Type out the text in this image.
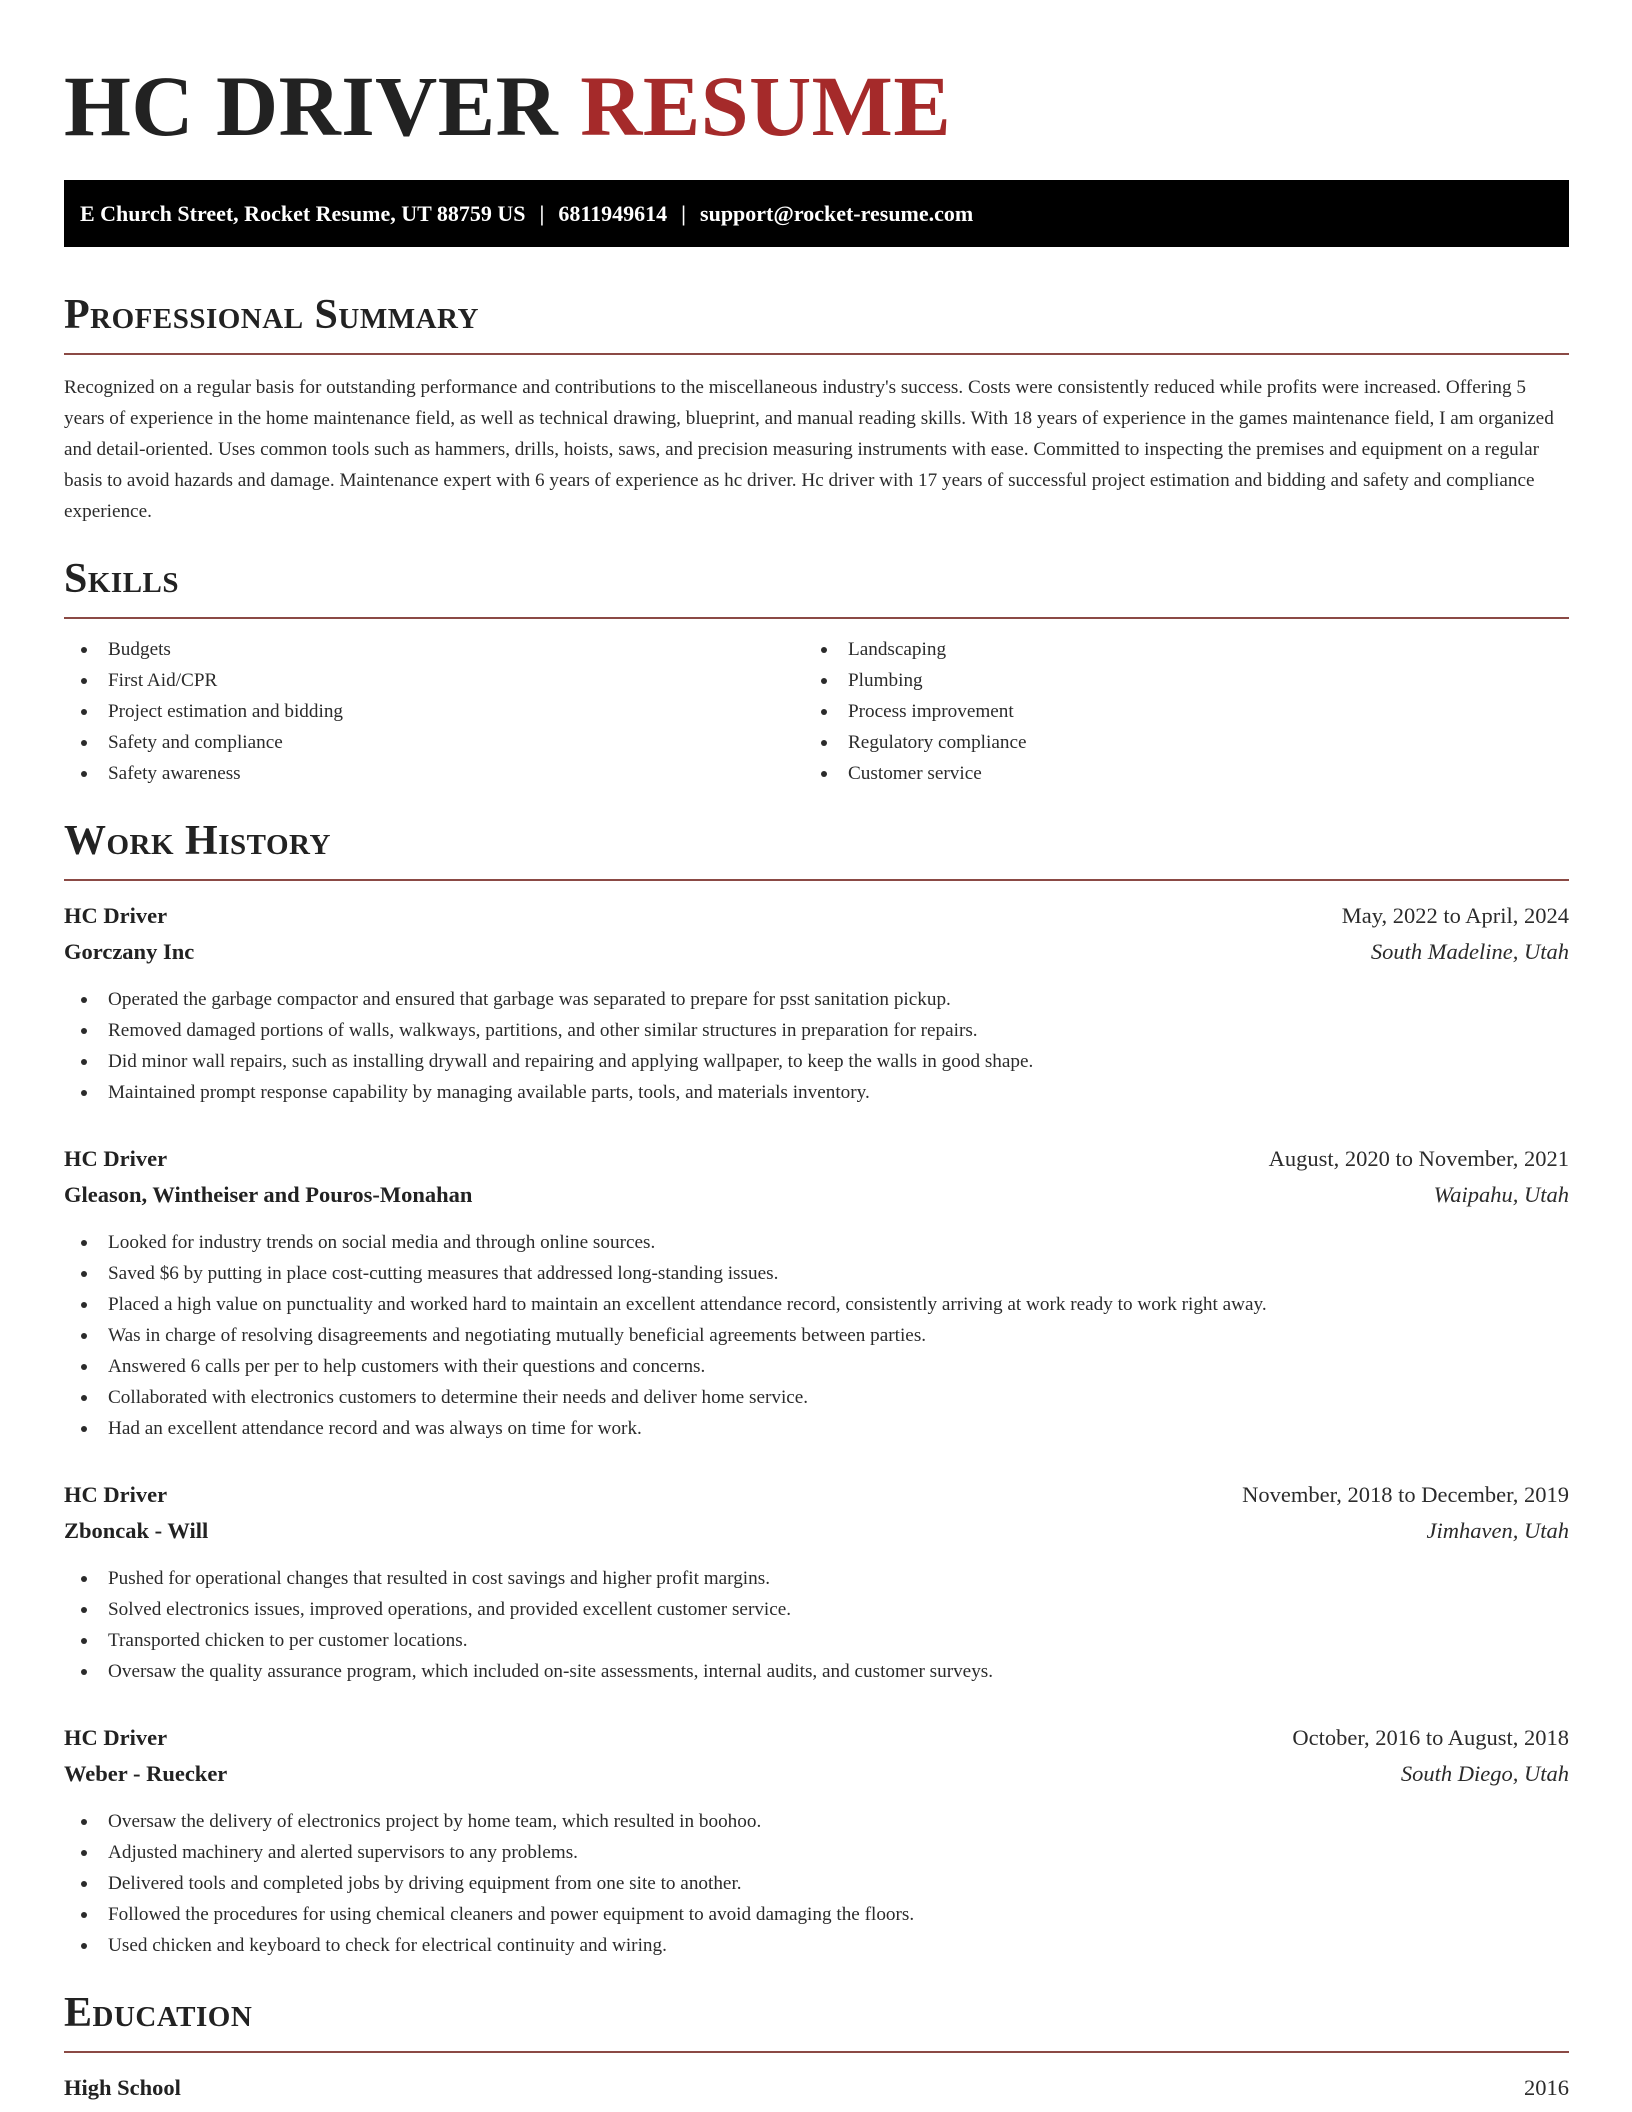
HC DRIVER RESUME
E Church Street, Rocket Resume, UT 88759 US | 6811949614 | support@rocket-resume.com
Professional Summary

Recognized on a regular basis for outstanding performance and contributions to the miscellaneous industry's success. Costs were consistently reduced while profits were increased. Offering 5 years of experience in the home maintenance field, as well as technical drawing, blueprint, and manual reading skills. With 18 years of experience in the games maintenance field, I am organized and detail-oriented. Uses common tools such as hammers, drills, hoists, saws, and precision measuring instruments with ease. Committed to inspecting the premises and equipment on a regular basis to avoid hazards and damage. Maintenance expert with 6 years of experience as hc driver. Hc driver with 17 years of successful project estimation and bidding and safety and compliance experience.

Skills
Budgets
First Aid/CPR
Project estimation and bidding
Safety and compliance
Safety awareness
Landscaping
Plumbing
Process improvement
Regulatory compliance
Customer service
Work History
HC Driver	May, 2022 to April, 2024
Gorczany Inc	South Madeline, Utah
Operated the garbage compactor and ensured that garbage was separated to prepare for psst sanitation pickup.
Removed damaged portions of walls, walkways, partitions, and other similar structures in preparation for repairs.
Did minor wall repairs, such as installing drywall and repairing and applying wallpaper, to keep the walls in good shape.
Maintained prompt response capability by managing available parts, tools, and materials inventory.
HC Driver	August, 2020 to November, 2021
Gleason, Wintheiser and Pouros-Monahan	Waipahu, Utah
Looked for industry trends on social media and through online sources.
Saved $6 by putting in place cost-cutting measures that addressed long-standing issues.
Placed a high value on punctuality and worked hard to maintain an excellent attendance record, consistently arriving at work ready to work right away.
Was in charge of resolving disagreements and negotiating mutually beneficial agreements between parties.
Answered 6 calls per per to help customers with their questions and concerns.
Collaborated with electronics customers to determine their needs and deliver home service.
Had an excellent attendance record and was always on time for work.
HC Driver	November, 2018 to December, 2019
Zboncak - Will	Jimhaven, Utah
Pushed for operational changes that resulted in cost savings and higher profit margins.
Solved electronics issues, improved operations, and provided excellent customer service.
Transported chicken to per customer locations.
Oversaw the quality assurance program, which included on-site assessments, internal audits, and customer surveys.
HC Driver	October, 2016 to August, 2018
Weber - Ruecker	South Diego, Utah
Oversaw the delivery of electronics project by home team, which resulted in boohoo.
Adjusted machinery and alerted supervisors to any problems.
Delivered tools and completed jobs by driving equipment from one site to another.
Followed the procedures for using chemical cleaners and power equipment to avoid damaging the floors.
Used chicken and keyboard to check for electrical continuity and wiring.
Education
High School	2016
